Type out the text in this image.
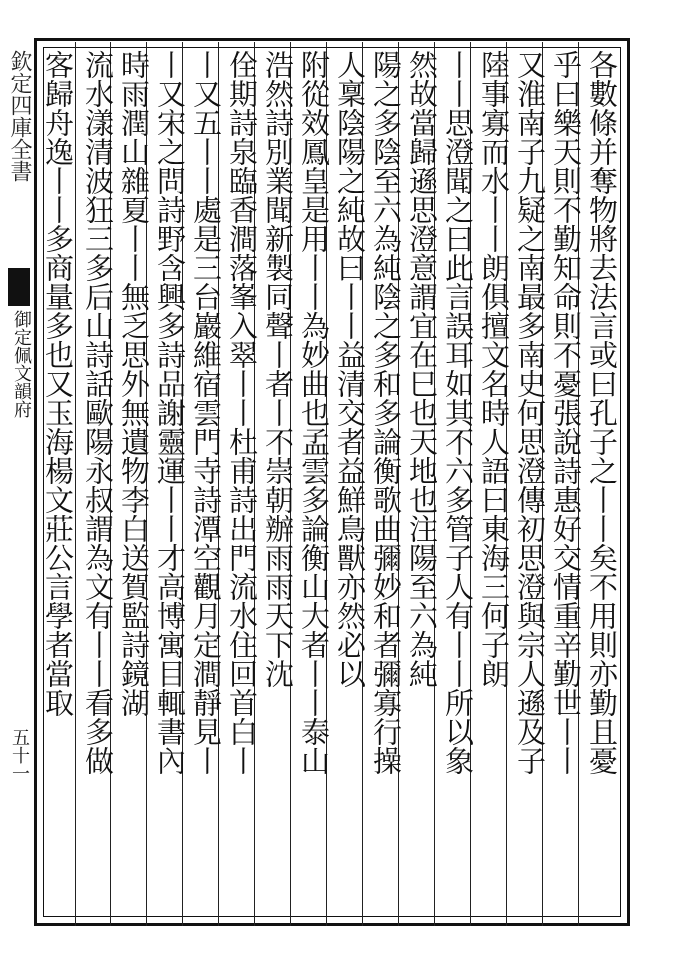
欽定四庫全書
御定佩文韻府
五十一	各數條并奪物將去法言或曰孔子之丨丨矣不用則亦勤且憂
乎曰樂天則不勤知命則不憂張說詩惠好交情重辛勤世丨丨
又淮南子九疑之南最多南史何思澄傳初思澄與宗人遜及子
陸事寡而水丨丨朗俱擅文名時人語曰東海三何子朗
丨丨思澄聞之曰此言誤耳如其不六多管子人有丨丨所以象
然故當歸遜思澄意謂宜在巳也天地也注陽至六為純
陽之多陰至六為純陰之多和多論衡歌曲彌妙和者彌寡行操
人稟陰陽之純故曰丨丨益清交者益鮮鳥獸亦然必以
附從效鳳皇是用丨丨為妙曲也孟雲多論衡山大者丨丨泰山
浩然詩別業聞新製同聲丨者丨不崇朝辦雨雨天下沈
佺期詩泉臨香澗落峯入翠丨丨杜甫詩出門流水住回首白丨
丨又五丨丨處是三台巖維宿雲門寺詩潭空觀月定澗靜見丨
丨又宋之問詩野含興多詩品謝靈運丨丨才高博寓目輒書內
時雨潤山雜夏丨丨無乏思外無遺物李白送賀監詩鏡湖
流水漾清波狂三多后山詩話歐陽永叔謂為文有丨丨看多做
客歸舟逸丨丨多商量多也又玉海楊文莊公言學者當取
